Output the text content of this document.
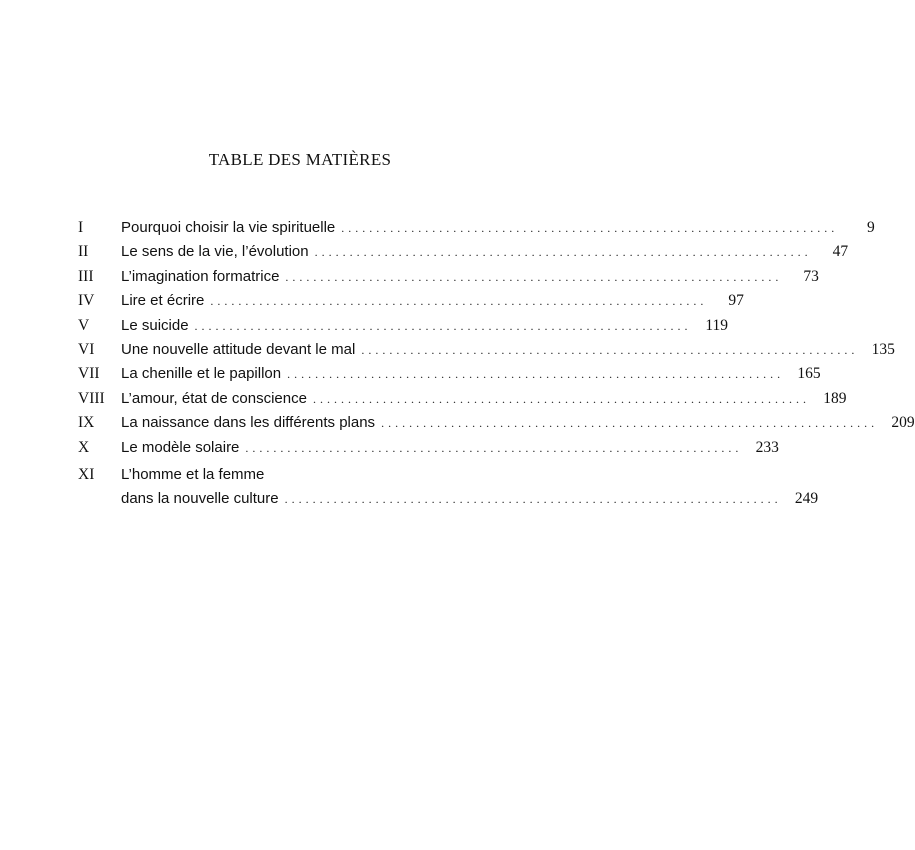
TABLE DES MATIÈRES
I	Pourquoi choisir la vie spirituelle . . .	9
II	Le sens de la vie, l’évolution . . .	47
III	L’imagination formatrice . . .	73
IV	Lire et écrire . . .	97
V	Le suicide . . .	119
VI	Une nouvelle attitude devant le mal . . .	135
VII	La chenille et le papillon . . .	165
VIII	L’amour, état de conscience . . .	189
IX	La naissance dans les différents plans . . .	209
X	Le modèle solaire . . .	233
XI	L’homme et la femme
dans la nouvelle culture . . .	249
